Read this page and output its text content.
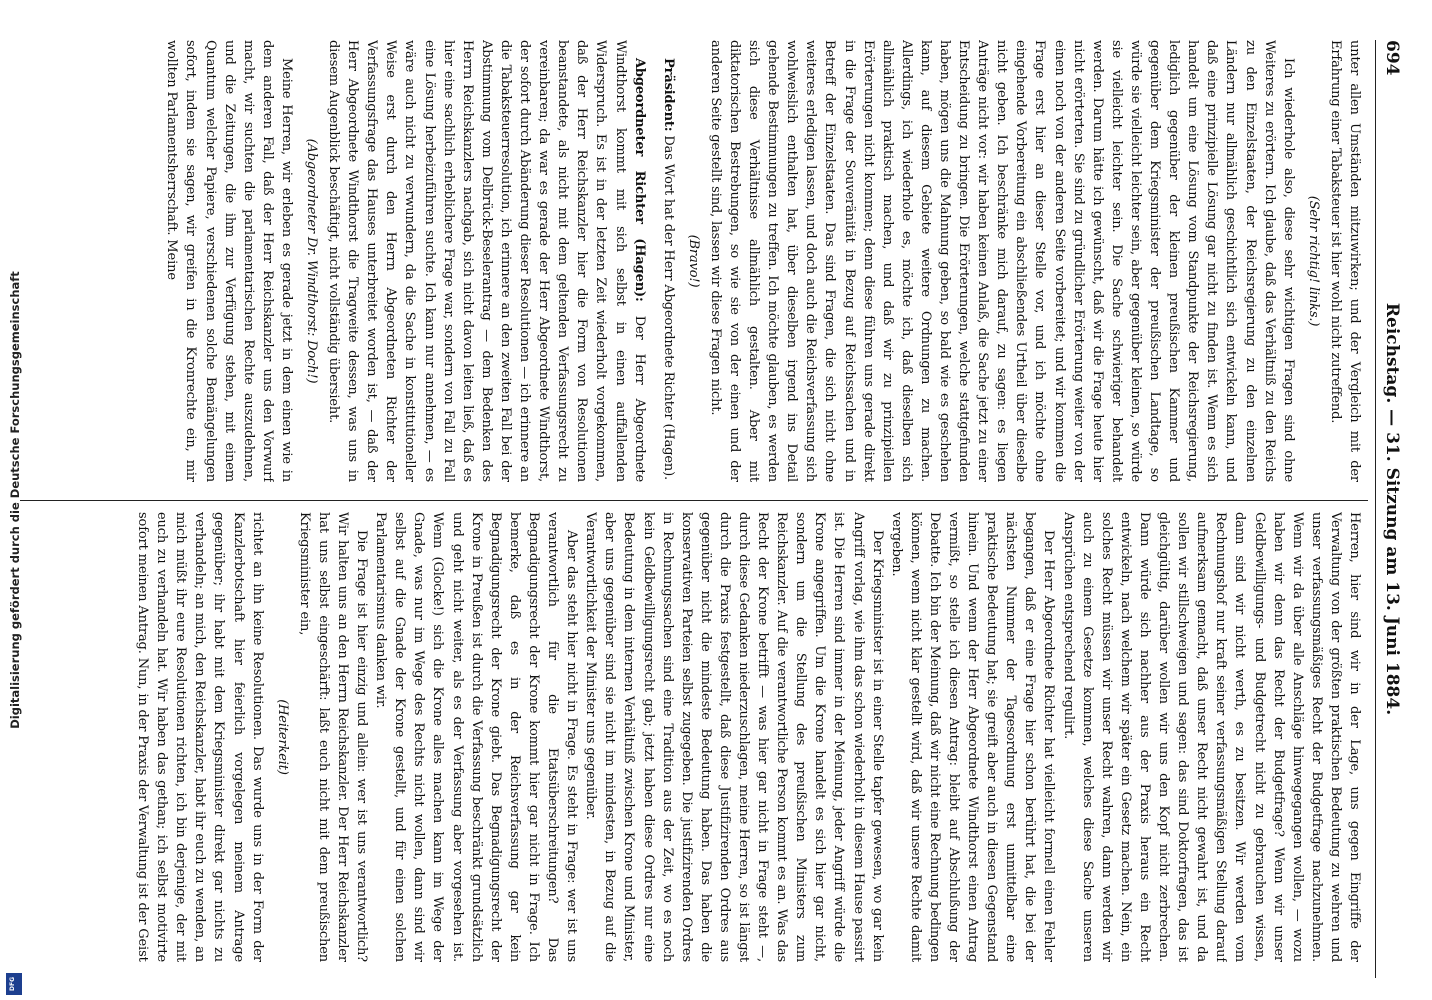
694
Reichstag. — 31. Sitzung am 13. Juni 1884.

unter allen Umständen mitzuwirken; und der Vergleich mit der Erfahrung einer Tabaksteuer ist hier wohl nicht zutreffend.

(Sehr richtig! links.)

Ich wiederhole also, diese sehr wichtigen Fragen sind ohne Weiteres zu erörtern. Ich glaube, daß das Verhältniß zu den Reichs zu den Einzelstaaten, der Reichsregierung zu den einzelnen Ländern nur allmählich geschichtlich sich entwickeln kann, und daß eine prinzipielle Lösung gar nicht zu finden ist. Wenn es sich handelt um eine Lösung vom Standpunkte der Reichsregierung, lediglich gegenüber der kleinen preußischen Kammer und gegenüber dem Kriegsminister der preußischen Landtage, so würde sie vielleicht leichter sein, aber gegenüber kleinen, so würde sie vielleicht leichter sein. Die Sache schwieriger behandelt werden. Darum hätte ich gewünscht, daß wir die Frage heute hier nicht erörterten. Sie sind zu gründlicher Erörterung weiter von der einen noch von der anderen Seite vorbereitet; und wir kommen die Frage erst hier an dieser Stelle vor, und ich möchte ohne eingehende Vorbereitung ein abschließendes Urtheil über dieselbe nicht geben. Ich beschränke mich darauf, zu sagen: es liegen Anträge nicht vor: wir haben keinen Anlaß, die Sache jetzt zu einer Entscheidung zu bringen. Die Erörterungen, welche stattgefunden haben, mögen uns die Mahnung geben, so bald wie es geschehen kann, auf diesem Gebiete weitere Ordnungen zu machen. Allerdings, ich wiederhole es, möchte ich, daß dieselben sich allmählich praktisch machen, und daß wir zu prinzipiellen Erörterungen nicht kommen; denn diese führen uns gerade direkt in die Frage der Souveränität in Bezug auf Reichssachen und in Betreff der Einzelstaaten. Das sind Fragen, die sich nicht ohne weiteres erledigen lassen, und doch auch die Reichsverfassung sich wohlweislich enthalten hat, über dieselben irgend ins Detail gehende Bestimmungen zu treffen. Ich möchte glauben, es werden sich diese Verhältnisse allmählich gestalten. Aber mit diktatorischen Bestrebungen, so wie sie von der einen und der anderen Seite gestellt sind, lassen wir diese Fragen nicht.

(Bravo!)

Präsident: Das Wort hat der Herr Abgeordnete Richter (Hagen).

Abgeordneter Richter (Hagen): Der Herr Abgeordnete Windthorst kommt mit sich selbst in einen auffallenden Widerspruch. Es ist in der letzten Zeit wiederholt vorgekommen, daß der Herr Reichskanzler hier die Form von Resolutionen beanstandete, als nicht mit dem geltenden Verfassungsrecht zu vereinbaren; da war es gerade der Herr Abgeordnete Windthorst, der sofort durch Abänderung dieser Resolutionen — ich erinnere an die Tabaksteuerresolution, ich erinnere an den zweiten Fall bei der Abstimmung vom Delbrück-Beselerantrag — dem Bedenken des Herrn Reichskanzlers nachgab, sich nicht davon leiten ließ, daß es hier eine sachlich erheblichere Frage war, sondern von Fall zu Fall eine Lösung herbeizuführen suchte. Ich kann nur annehmen, — es wäre auch nicht zu verwundern, da die Sache in konstitutioneller Weise erst durch den Herrn Abgeordneten Richter der Verfassungsfrage das Hauses unterbreitet worden ist, — daß der Herr Abgeordnete Windthorst die Tragweite dessen, was uns in diesem Augenblick beschäftigt, nicht vollständig übersieht.

(Abgeordneter Dr. Windthorst: Doch!)

Meine Herren, wir erleben es gerade jetzt in dem einen wie in dem anderen Fall, daß der Herr Reichskanzler uns den Vorwurf macht, wir suchten die parlamentarischen Rechte auszudehnen, und die Zeitungen, die ihm zur Verfügung stehen, mit einem Quantum welcher Papiere, verschiedenen solche Bemängelungen sofort, indem sie sagen, wir greifen in die Kronrechte ein, mir wollten Parlamentsherrschaft. Meine

Herren, hier sind wir in der Lage, uns gegen Eingriffe der Verwaltung von der größten praktischen Bedeutung zu wehren und unser verfassungsmäßiges Recht der Budgetfrage nachzunehmen. Wenn wir da über alle Anschläge hinwegegangen wollen, — wozu haben wir denn das Recht der Budgetfrage? Wenn wir unser Geldbewilligungs- und Budgetrecht nicht zu gebrauchen wissen, dann sind wir nicht werth, es zu besitzen. Wir werden vom Rechnungshof nur kraft seiner verfassungsmäßigen Stellung darauf aufmerksam gemacht, daß unser Recht nicht gewahrt ist, und da sollen wir stillschweigen und sagen: das sind Doktorfragen, das ist gleichgültig, darüber wollen wir uns den Kopf nicht zerbrechen. Dann würde sich nachher aus der Praxis heraus ein Recht entwickeln, nach welchem wir später ein Gesetz machen. Nein, ein solches Recht müssen wir unser Recht wahren, dann werden wir auch zu einem Gesetze kommen, welches diese Sache unseren Ansprüchen entsprechend regulirt.

Der Herr Abgeordnete Richter hat vielleicht formell einen Fehler begangen, daß er eine Frage hier schon berührt hat, die bei der nächsten Nummer der Tagesordnung erst unmittelbar eine praktische Bedeutung hat; sie greift aber auch in diesen Gegenstand hinein. Und wenn der Herr Abgeordnete Windthorst einen Antrag vermißt, so stelle ich diesen Antrag: bleibt auf Abschlußung der Debatte. Ich bin der Meinung, daß wir nicht eine Rechnung bedingen können, wenn nicht klar gestellt wird, daß wir unsere Rechte damit vergeben.

Der Kriegsminister ist in einer Stelle tapfer gewesen, wo gar kein Angriff vorlag, wie ihm das schon wiederholt in diesem Hause passirt ist. Die Herren sind immer in der Meinung, jeder Angriff würde die Krone angegriffen. Um die Krone handelt es sich hier gar nicht, sondern um die Stellung des preußischen Ministers zum Reichskanzler. Auf die verantwortliche Person kommt es an. Was das Recht der Krone betrifft — was hier gar nicht in Frage steht —, durch diese Gedanken niederzuschlagen, meine Herren, so ist längst durch die Praxis festgestellt, daß diese Justifizirenden Ordres aus gegenüber nicht die mindeste Bedeutung haben. Das haben die konservativen Parteien selbst zugegeben. Die justifizirenden Ordres in Rechnungssachen sind eine Tradition aus der Zeit, wo es noch kein Geldbewilligungsrecht gab; jetzt haben diese Ordres nur eine Bedeutung in dem internen Verhältniß zwischen Krone und Minister, aber uns gegenüber sind sie nicht im mindesten, in Bezug auf die Verantwortlichkeit der Minister uns gegenüber.

Aber das steht hier nicht in Frage. Es steht in Frage: wer ist uns verantwortlich für die Etatsüberschreitungen? Das Begnadigungsrecht der Krone kommt hier gar nicht in Frage. Ich bemerke, daß es in der Reichsverfassung gar kein Begnadigungsrecht der Krone giebt. Das Begnadigungsrecht der Krone in Preußen ist durch die Verfassung beschränkt grundsätzlich und geht nicht weiter, als es der Verfassung aber vorgesehen ist. Wenn (Glocke!) sich die Krone alles machen kann im Wege der Gnade, was nur im Wege des Rechts nicht wollen, dann sind wir selbst auf die Gnade der Krone gestellt, und für einen solchen Parlamentarismus danken wir.

Die Frage ist hier einzig und allein: wer ist uns verantwortlich? Wir halten uns an den Herrn Reichskanzler. Der Herr Reichskanzler hat uns selbst eingeschärft: laßt euch nicht mit dem preußischen Kriegsminister ein,

(Heiterkeit)

richtet an ihn keine Resolutionen. Das wurde uns in der Form der Kanzlerbotschaft hier feierlich vorgelegen meinem Antrage gegenüber; ihr habt mit dem Kriegsminister direkt gar nichts zu verhandeln; an mich, den Reichskanzler, habt ihr euch zu wenden, an mich müßt ihr eure Resolutionen richten, ich bin derjenige, der mit euch zu verhandeln hat. Wir haben das gethan; ich selbst motivirte sofort meinen Antrag. Nun, in der Praxis der Verwaltung ist der Geist

Digitalisierung gefördert durch die Deutsche Forschungsgemeinschaft
DFG
